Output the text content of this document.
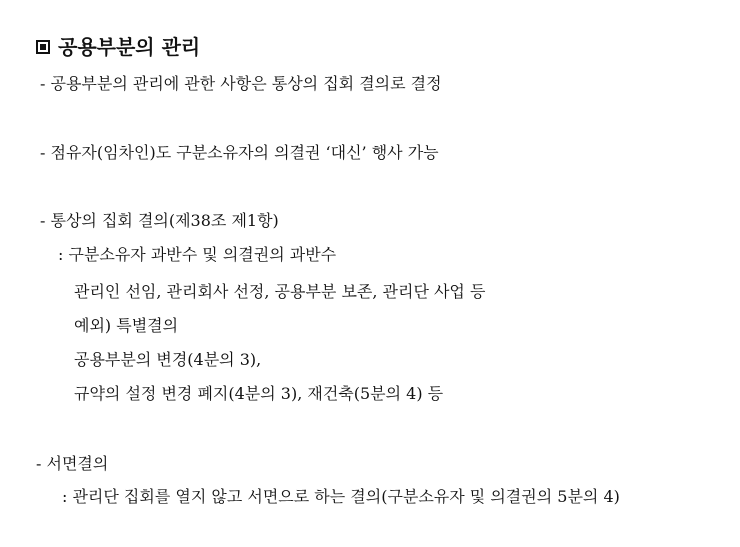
공용부분의 관리
- 공용부분의 관리에 관한 사항은 통상의 집회 결의로 결정
- 점유자(임차인)도 구분소유자의 의결권 ‘대신’ 행사 가능
- 통상의 집회 결의(제38조 제1항)
: 구분소유자 과반수 및 의결권의 과반수
관리인 선임, 관리회사 선정, 공용부분 보존, 관리단 사업 등
예외) 특별결의
공용부분의 변경(4분의 3),
규약의 설정 변경 폐지(4분의 3), 재건축(5분의 4) 등
- 서면결의
: 관리단 집회를 열지 않고 서면으로 하는 결의(구분소유자 및 의결권의 5분의 4)
